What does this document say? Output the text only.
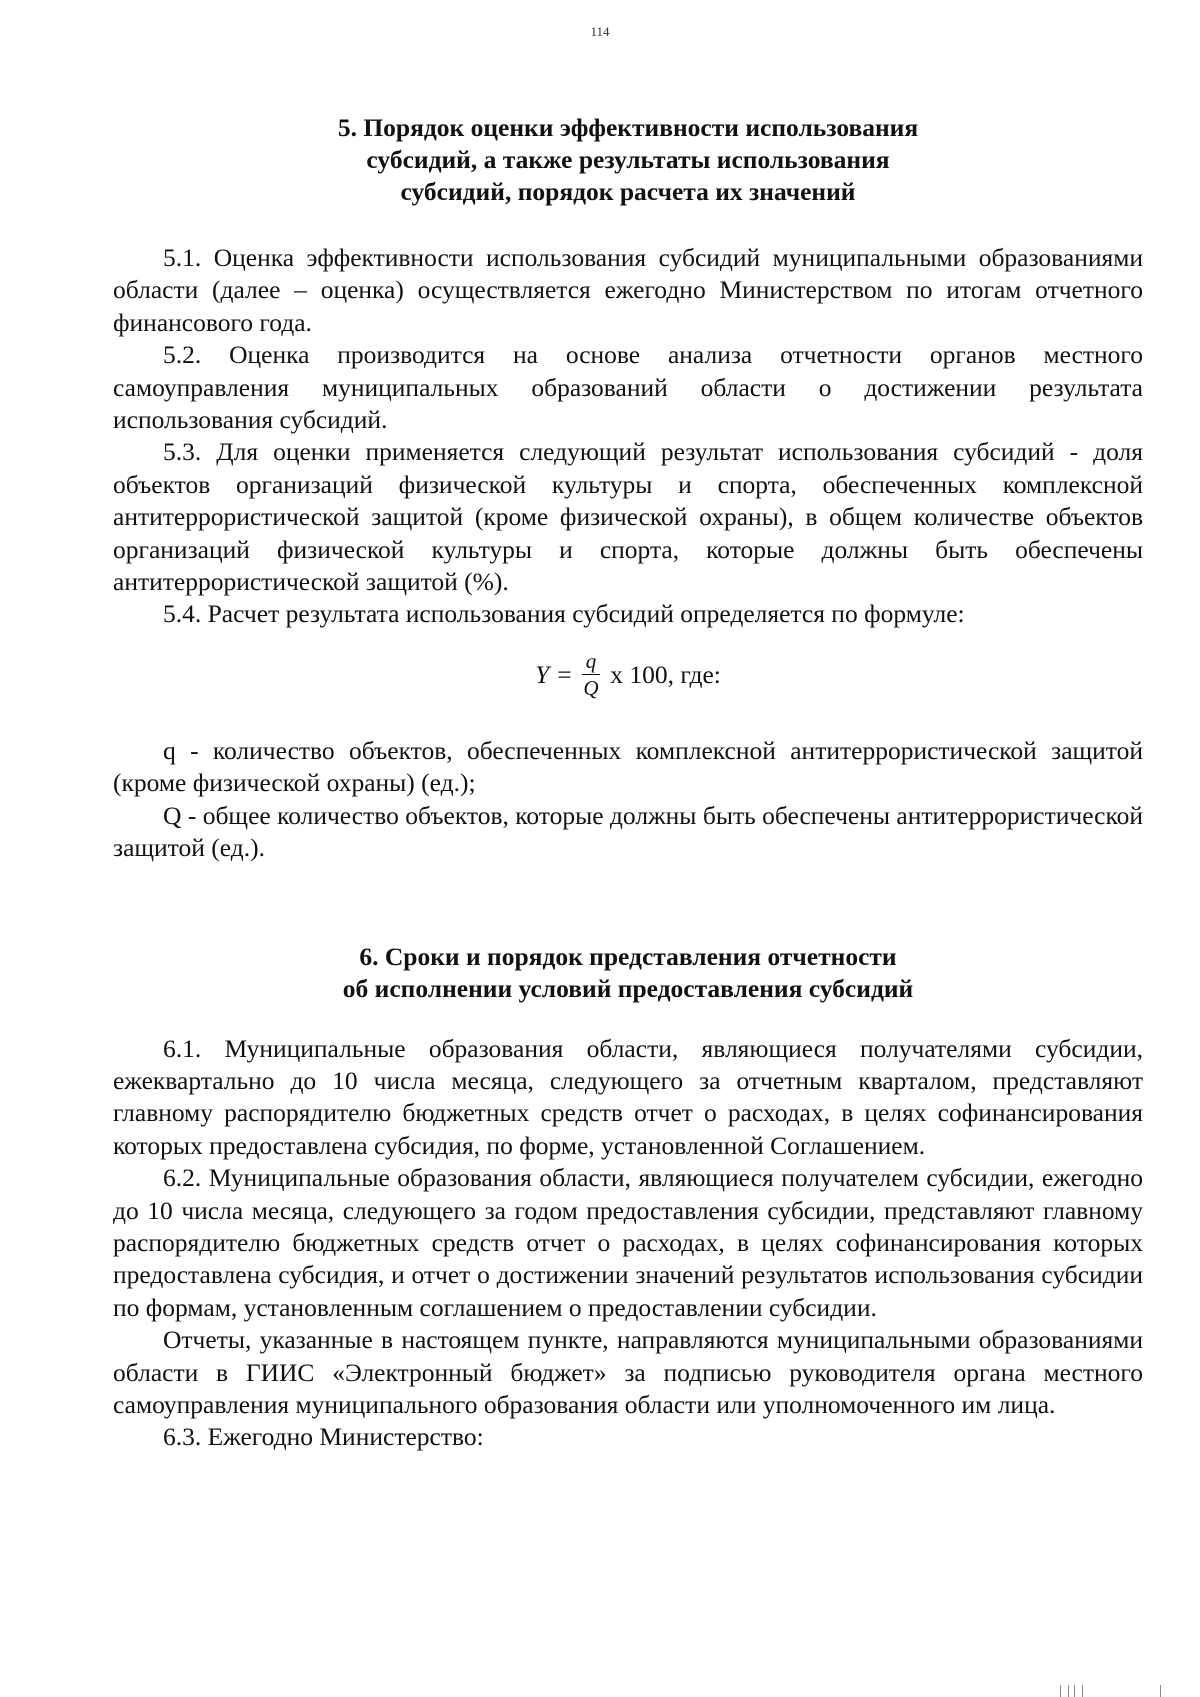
114
5. Порядок оценки эффективности использования
субсидий, а также результаты использования
субсидий, порядок расчета их значений

5.1. Оценка эффективности использования субсидий муниципальными образованиями области (далее – оценка) осуществляется ежегодно Министерством по итогам отчетного финансового года.

5.2. Оценка производится на основе анализа отчетности органов местного самоуправления муниципальных образований области о достижении результата использования субсидий.

5.3. Для оценки применяется следующий результат использования субсидий - доля объектов организаций физической культуры и спорта, обеспеченных комплексной антитеррористической защитой (кроме физической охраны), в общем количестве объектов организаций физической культуры и спорта, которые должны быть обеспечены антитеррористической защитой (%).

5.4. Расчет результата использования субсидий определяется по формуле:

$Y = \frac{q}{Q}$ х 100, где:

q - количество объектов, обеспеченных комплексной антитеррористической защитой (кроме физической охраны) (ед.);

Q - общее количество объектов, которые должны быть обеспечены антитеррористической защитой (ед.).

6. Сроки и порядок представления отчетности
об исполнении условий предоставления субсидий

6.1. Муниципальные образования области, являющиеся получателями субсидии, ежеквартально до 10 числа месяца, следующего за отчетным кварталом, представляют главному распорядителю бюджетных средств отчет о расходах, в целях софинансирования которых предоставлена субсидия, по форме, установленной Соглашением.

6.2. Муниципальные образования области, являющиеся получателем субсидии, ежегодно до 10 числа месяца, следующего за годом предоставления субсидии, представляют главному распорядителю бюджетных средств отчет о расходах, в целях софинансирования которых предоставлена субсидия, и отчет о достижении значений результатов использования субсидии по формам, установленным соглашением о предоставлении субсидии.

Отчеты, указанные в настоящем пункте, направляются муниципальными образованиями области в ГИИС «Электронный бюджет» за подписью руководителя органа местного самоуправления муниципального образования области или уполномоченного им лица.

6.3. Ежегодно Министерство:
